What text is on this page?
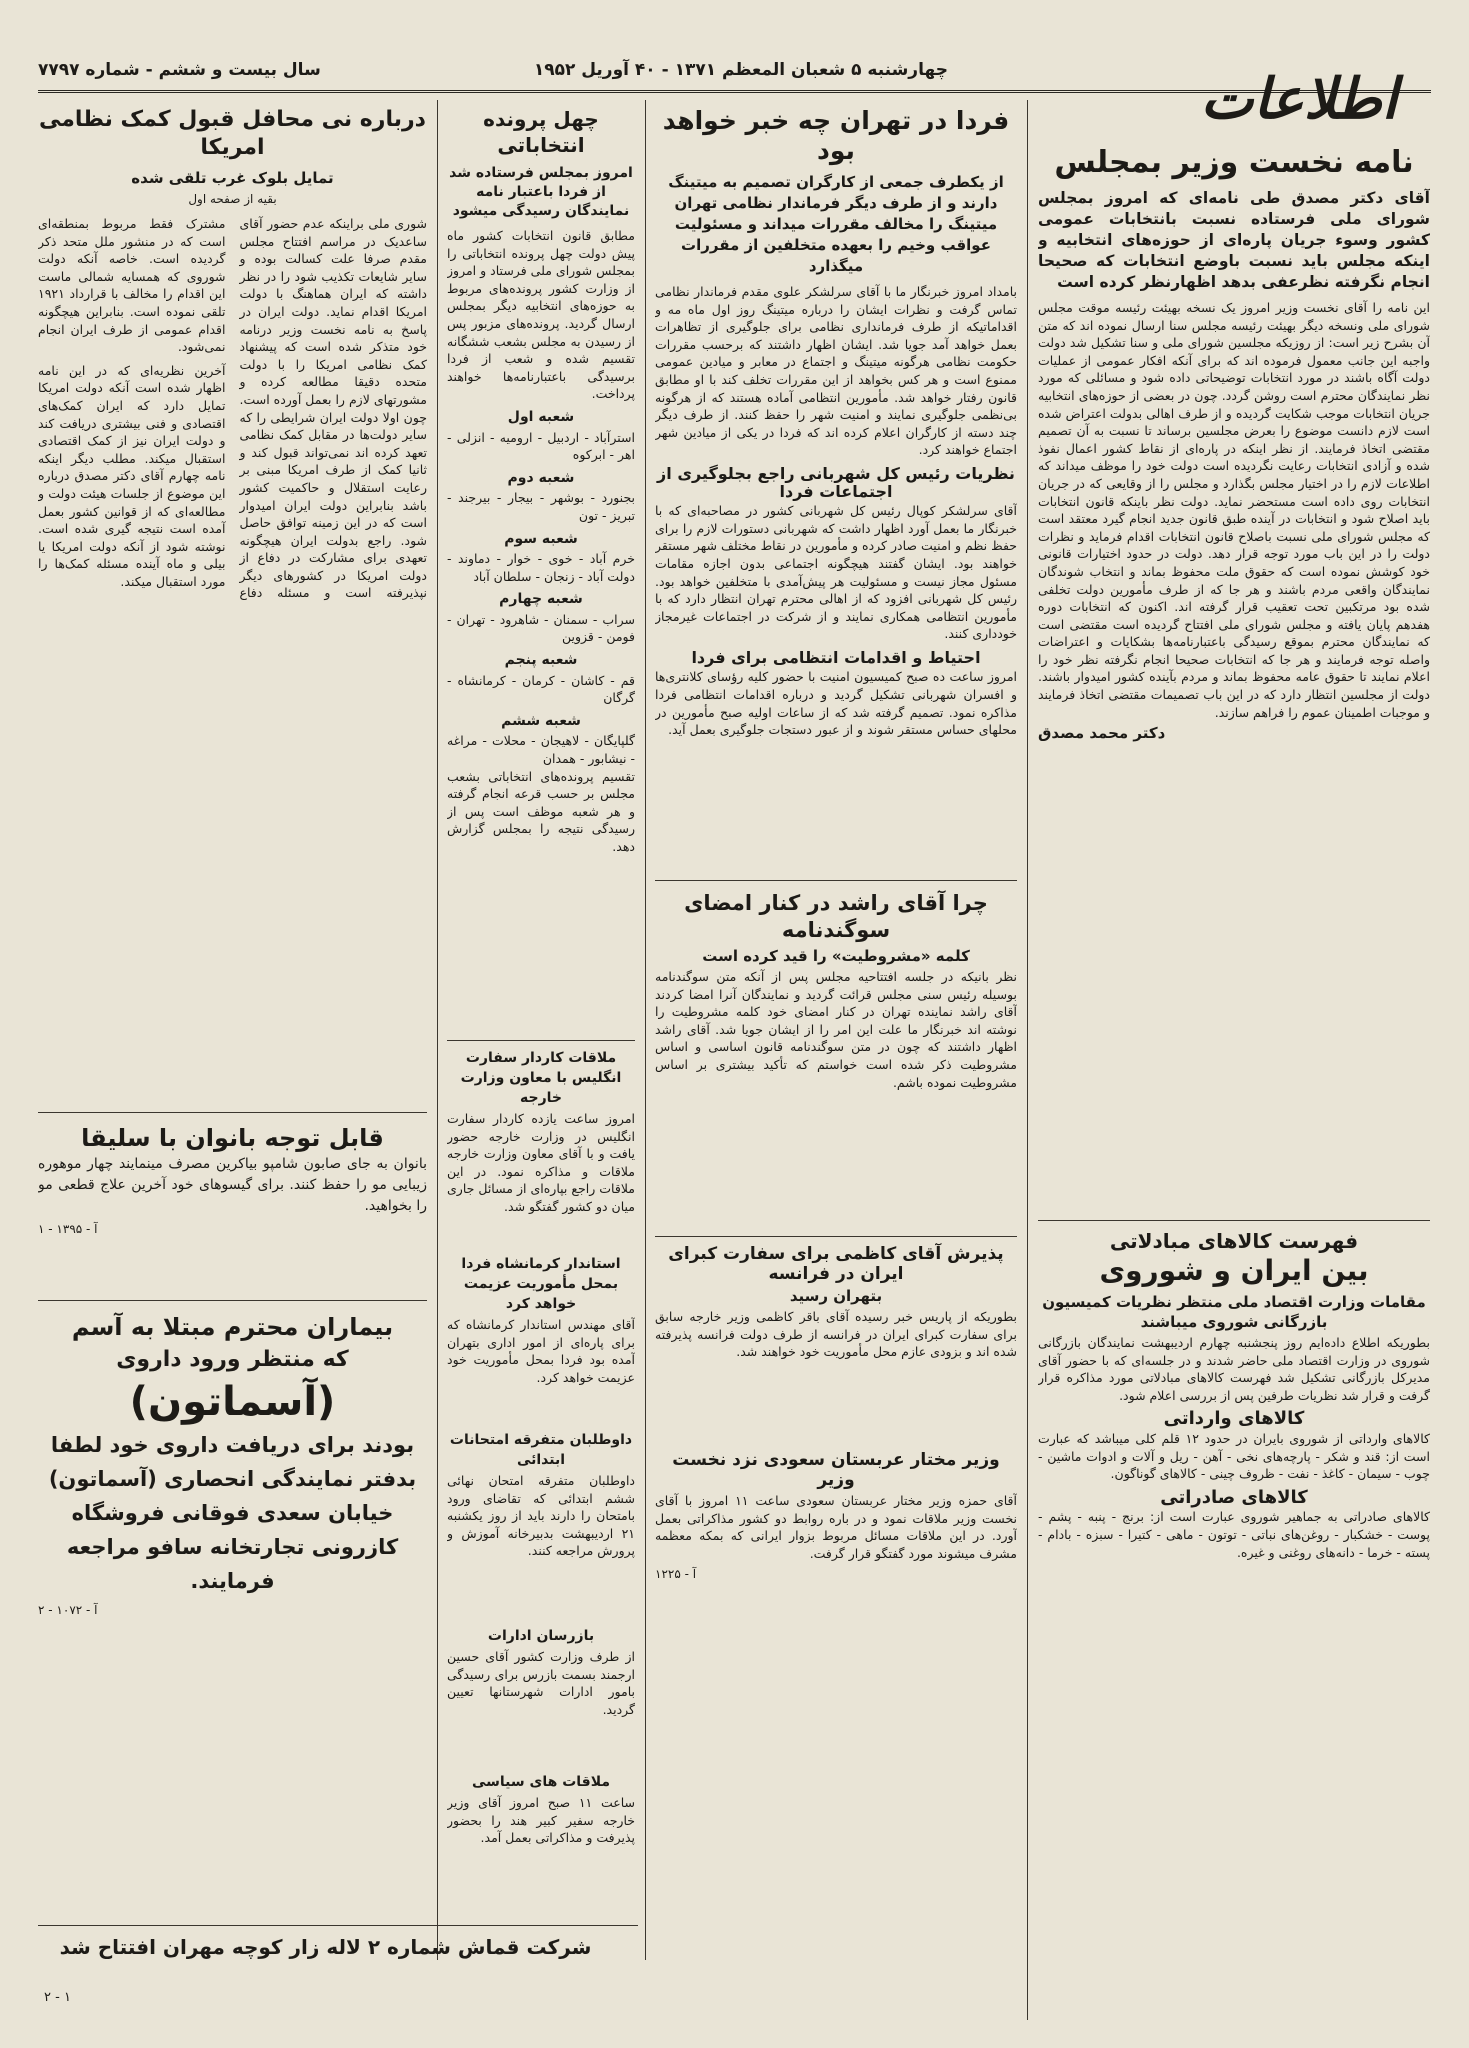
سال بیست و ششم - شماره ۷۷۹۷	چهارشنبه ۵ شعبان المعظم ۱۳۷۱ - ۴۰ آوریل ۱۹۵۲	اطلاعات
نامه نخست وزیر بمجلس
آقای دکتر مصدق طی نامه‌ای که امروز بمجلس شورای ملی فرستاده نسبت بانتخابات عمومی کشور وسوء جریان پاره‌ای از حوزه‌های انتخابیه و اینکه مجلس باید نسبت باوضع انتخابات که صحیحا انجام نگرفته نظرعفی بدهد اظهارنظر کرده است
این نامه را آقای نخست وزیر امروز یک نسخه بهیئت رئیسه موقت مجلس شورای ملی ونسخه دیگر بهیئت رئیسه مجلس سنا ارسال نموده اند که متن آن بشرح زیر است: از روزیکه مجلسین شورای ملی و سنا تشکیل شد دولت واجبه این جانب معمول فرموده اند که برای آنکه افکار عمومی از عملیات دولت آگاه باشند در مورد انتخابات توضیحاتی داده شود و مسائلی که مورد نظر نمایندگان محترم است روشن گردد. چون در بعضی از حوزه‌های انتخابیه جریان انتخابات موجب شکایت گردیده و از طرف اهالی بدولت اعتراض شده است لازم دانست موضوع را بعرض مجلسین برساند تا نسبت به آن تصمیم مقتضی اتخاذ فرمایند. از نظر اینکه در پاره‌ای از نقاط کشور اعمال نفوذ شده و آزادی انتخابات رعایت نگردیده است دولت خود را موظف میداند که اطلاعات لازم را در اختیار مجلس بگذارد و مجلس را از وقایعی که در جریان انتخابات روی داده است مستحضر نماید. دولت نظر باینکه قانون انتخابات باید اصلاح شود و انتخابات در آینده طبق قانون جدید انجام گیرد معتقد است که مجلس شورای ملی نسبت باصلاح قانون انتخابات اقدام فرماید و نظرات دولت را در این باب مورد توجه قرار دهد. دولت در حدود اختیارات قانونی خود کوشش نموده است که حقوق ملت محفوظ بماند و انتخاب شوندگان نمایندگان واقعی مردم باشند و هر جا که از طرف مأمورین دولت تخلفی شده بود مرتکبین تحت تعقیب قرار گرفته اند. اکنون که انتخابات دوره هفدهم پایان یافته و مجلس شورای ملی افتتاح گردیده است مقتضی است که نمایندگان محترم بموقع رسیدگی باعتبارنامه‌ها بشکایات و اعتراضات واصله توجه فرمایند و هر جا که انتخابات صحیحا انجام نگرفته نظر خود را اعلام نمایند تا حقوق عامه محفوظ بماند و مردم بآینده کشور امیدوار باشند. دولت از مجلسین انتظار دارد که در این باب تصمیمات مقتضی اتخاذ فرمایند و موجبات اطمینان عموم را فراهم سازند.
دکتر محمد مصدق
فهرست کالاهای مبادلاتی
بین ایران و شوروی
مقامات وزارت اقتصاد ملی منتظر نظریات کمیسیون بازرگانی شوروی میباشند
بطوریکه اطلاع داده‌ایم روز پنجشنبه چهارم اردیبهشت نمایندگان بازرگانی شوروی در وزارت اقتصاد ملی حاضر شدند و در جلسه‌ای که با حضور آقای مدیرکل بازرگانی تشکیل شد فهرست کالاهای مبادلاتی مورد مذاکره قرار گرفت و قرار شد نظریات طرفین پس از بررسی اعلام شود.
کالاهای وارداتی
کالاهای وارداتی از شوروی بایران در حدود ۱۲ قلم کلی میباشد که عبارت است از: قند و شکر - پارچه‌های نخی - آهن - ریل و آلات و ادوات ماشین - چوب - سیمان - کاغذ - نفت - ظروف چینی - کالاهای گوناگون.
کالاهای صادراتی
کالاهای صادراتی به جماهیر شوروی عبارت است از: برنج - پنبه - پشم - پوست - خشکبار - روغن‌های نباتی - توتون - ماهی - کتیرا - سبزه - بادام - پسته - خرما - دانه‌های روغنی و غیره.
فردا در تهران چه خبر خواهد بود
از یکطرف جمعی از کارگران تصمیم به میتینگ دارند و از طرف دیگر فرماندار نظامی تهران میتینگ را مخالف مقررات میداند و مسئولیت عواقب وخیم را بعهده متخلفین از مقررات میگذارد
بامداد امروز خبرنگار ما با آقای سرلشکر علوی مقدم فرماندار نظامی تماس گرفت و نظرات ایشان را درباره میتینگ روز اول ماه مه و اقداماتیکه از طرف فرمانداری نظامی برای جلوگیری از تظاهرات بعمل خواهد آمد جویا شد. ایشان اظهار داشتند که برحسب مقررات حکومت نظامی هرگونه میتینگ و اجتماع در معابر و میادین عمومی ممنوع است و هر کس بخواهد از این مقررات تخلف کند با او مطابق قانون رفتار خواهد شد. مأمورین انتظامی آماده هستند که از هرگونه بی‌نظمی جلوگیری نمایند و امنیت شهر را حفظ کنند. از طرف دیگر چند دسته از کارگران اعلام کرده اند که فردا در یکی از میادین شهر اجتماع خواهند کرد.
نظریات رئیس کل شهربانی راجع بجلوگیری از اجتماعات فردا
آقای سرلشکر کوپال رئیس کل شهربانی کشور در مصاحبه‌ای که با خبرنگار ما بعمل آورد اظهار داشت که شهربانی دستورات لازم را برای حفظ نظم و امنیت صادر کرده و مأمورین در نقاط مختلف شهر مستقر خواهند بود. ایشان گفتند هیچگونه اجتماعی بدون اجازه مقامات مسئول مجاز نیست و مسئولیت هر پیش‌آمدی با متخلفین خواهد بود. رئیس کل شهربانی افزود که از اهالی محترم تهران انتظار دارد که با مأمورین انتظامی همکاری نمایند و از شرکت در اجتماعات غیرمجاز خودداری کنند.
احتیاط و اقدامات انتظامی برای فردا
امروز ساعت ده صبح کمیسیون امنیت با حضور کلیه رؤسای کلانتری‌ها و افسران شهربانی تشکیل گردید و درباره اقدامات انتظامی فردا مذاکره نمود. تصمیم گرفته شد که از ساعات اولیه صبح مأمورین در محلهای حساس مستقر شوند و از عبور دستجات جلوگیری بعمل آید.
چرا آقای راشد در کنار امضای سوگندنامه
کلمه «مشروطیت» را قید کرده است
نظر بانیکه در جلسه افتتاحیه مجلس پس از آنکه متن سوگندنامه بوسیله رئیس سنی مجلس قرائت گردید و نمایندگان آنرا امضا کردند آقای راشد نماینده تهران در کنار امضای خود کلمه مشروطیت را نوشته اند خبرنگار ما علت این امر را از ایشان جویا شد. آقای راشد اظهار داشتند که چون در متن سوگندنامه قانون اساسی و اساس مشروطیت ذکر شده است خواستم که تأکید بیشتری بر اساس مشروطیت نموده باشم.
پذیرش آقای کاظمی برای سفارت کبرای ایران در فرانسه
بتهران رسید
بطوریکه از پاریس خبر رسیده آقای باقر کاظمی وزیر خارجه سابق برای سفارت کبرای ایران در فرانسه از طرف دولت فرانسه پذیرفته شده اند و بزودی عازم محل مأموریت خود خواهند شد.
وزیر مختار عربستان سعودی نزد نخست وزیر
آقای حمزه وزیر مختار عربستان سعودی ساعت ۱۱ امروز با آقای نخست وزیر ملاقات نمود و در باره روابط دو کشور مذاکراتی بعمل آورد. در این ملاقات مسائل مربوط بزوار ایرانی که بمکه معظمه مشرف میشوند مورد گفتگو قرار گرفت.
آ - ۱۲۲۵
چهل پرونده انتخاباتی
امروز بمجلس فرستاده شد از فردا باعتبار نامه نمایندگان رسیدگی میشود
مطابق قانون انتخابات کشور ماه پیش دولت چهل پرونده انتخاباتی را بمجلس شورای ملی فرستاد و امروز از وزارت کشور پرونده‌های مربوط به حوزه‌های انتخابیه دیگر بمجلس ارسال گردید. پرونده‌های مزبور پس از رسیدن به مجلس بشعب ششگانه تقسیم شده و شعب از فردا برسیدگی باعتبارنامه‌ها خواهند پرداخت.
شعبه اول
استرآباد - اردبیل - ارومیه - انزلی - اهر - ابرکوه
شعبه دوم
بجنورد - بوشهر - بیجار - بیرجند - تبریز - تون
شعبه سوم
خرم آباد - خوی - خوار - دماوند - دولت آباد - زنجان - سلطان آباد
شعبه چهارم
سراب - سمنان - شاهرود - تهران - فومن - قزوین
شعبه پنجم
قم - کاشان - کرمان - کرمانشاه - گرگان
شعبه ششم
گلپایگان - لاهیجان - محلات - مراغه - نیشابور - همدان
تقسیم پرونده‌های انتخاباتی بشعب مجلس بر حسب قرعه انجام گرفته و هر شعبه موظف است پس از رسیدگی نتیجه را بمجلس گزارش دهد.
ملاقات کاردار سفارت انگلیس با معاون وزارت خارجه
امروز ساعت یازده کاردار سفارت انگلیس در وزارت خارجه حضور یافت و با آقای معاون وزارت خارجه ملاقات و مذاکره نمود. در این ملاقات راجع بپاره‌ای از مسائل جاری میان دو کشور گفتگو شد.
استاندار کرمانشاه فردا بمحل مأموریت عزیمت خواهد کرد
آقای مهندس استاندار کرمانشاه که برای پاره‌ای از امور اداری بتهران آمده بود فردا بمحل مأموریت خود عزیمت خواهد کرد.
داوطلبان متفرقه امتحانات ابتدائی
داوطلبان متفرقه امتحان نهائی ششم ابتدائی که تقاضای ورود بامتحان را دارند باید از روز یکشنبه ۲۱ اردیبهشت بدبیرخانه آموزش و پرورش مراجعه کنند.
بازرسان ادارات
از طرف وزارت کشور آقای حسین ارجمند بسمت بازرس برای رسیدگی بامور ادارات شهرستانها تعیین گردید.
ملاقات های سیاسی
ساعت ۱۱ صبح امروز آقای وزیر خارجه سفیر کبیر هند را بحضور پذیرفت و مذاکراتی بعمل آمد.
درباره نی محافل قبول کمک نظامی امریکا
تمایل بلوک غرب تلقی شده
بقیه از صفحه اول
شوری ملی براینکه عدم حضور آقای ساعدیک در مراسم افتتاح مجلس مقدم صرفا علت کسالت بوده و سایر شایعات تکذیب شود را در نظر داشته که ایران هماهنگ با دولت امریکا اقدام نماید. دولت ایران در پاسخ به نامه نخست وزیر درنامه خود متذکر شده است که پیشنهاد کمک نظامی امریکا را با دولت متحده دقیقا مطالعه کرده و مشورتهای لازم را بعمل آورده است. چون اولا دولت ایران شرایطی را که سایر دولت‌ها در مقابل کمک نظامی تعهد کرده اند نمی‌تواند قبول کند و ثانیا کمک از طرف امریکا مبنی بر رعایت استقلال و حاکمیت کشور باشد بنابراین دولت ایران امیدوار است که در این زمینه توافق حاصل شود. راجع بدولت ایران هیچگونه تعهدی برای مشارکت در دفاع از دولت امریکا در کشورهای دیگر نپذیرفته است و مسئله دفاع مشترک فقط مربوط بمنطقه‌ای است که در منشور ملل متحد ذکر گردیده است. خاصه آنکه دولت شوروی که همسایه شمالی ماست این اقدام را مخالف با قرارداد ۱۹۲۱ تلقی نموده است. بنابراین هیچگونه اقدام عمومی از طرف ایران انجام نمی‌شود.
آخرین نظریه‌ای که در این نامه اظهار شده است آنکه دولت امریکا تمایل دارد که ایران کمک‌های اقتصادی و فنی بیشتری دریافت کند و دولت ایران نیز از کمک اقتصادی استقبال میکند. مطلب دیگر اینکه نامه چهارم آقای دکتر مصدق درباره این موضوع از جلسات هیئت دولت و مطالعه‌ای که از قوانین کشور بعمل آمده است نتیجه گیری شده است. نوشته شود از آنکه دولت امریکا یا بیلی و ماه آینده مسئله کمک‌ها را مورد استقبال میکند.
قابل توجه بانوان با سلیقا
بانوان به جای صابون شامپو بیاکرین مصرف مینمایند چهار موهوره زیبایی مو را حفظ کنند. برای گیسوهای خود آخرین علاج قطعی مو را بخواهید.
آ - ۱۳۹۵ - ۱
بیماران محترم مبتلا به آسم
که منتظر ورود داروی
(آسماتون)
بودند برای دریافت داروی خود لطفا بدفتر نمایندگی انحصاری (آسماتون) خیابان سعدی فوقانی فروشگاه کازرونی تجارتخانه سافو مراجعه فرمایند.
آ - ۱۰۷۲ - ۲
شرکت قماش شماره ۲ لاله زار کوچه مهران افتتاح شد
۲ - ۱
